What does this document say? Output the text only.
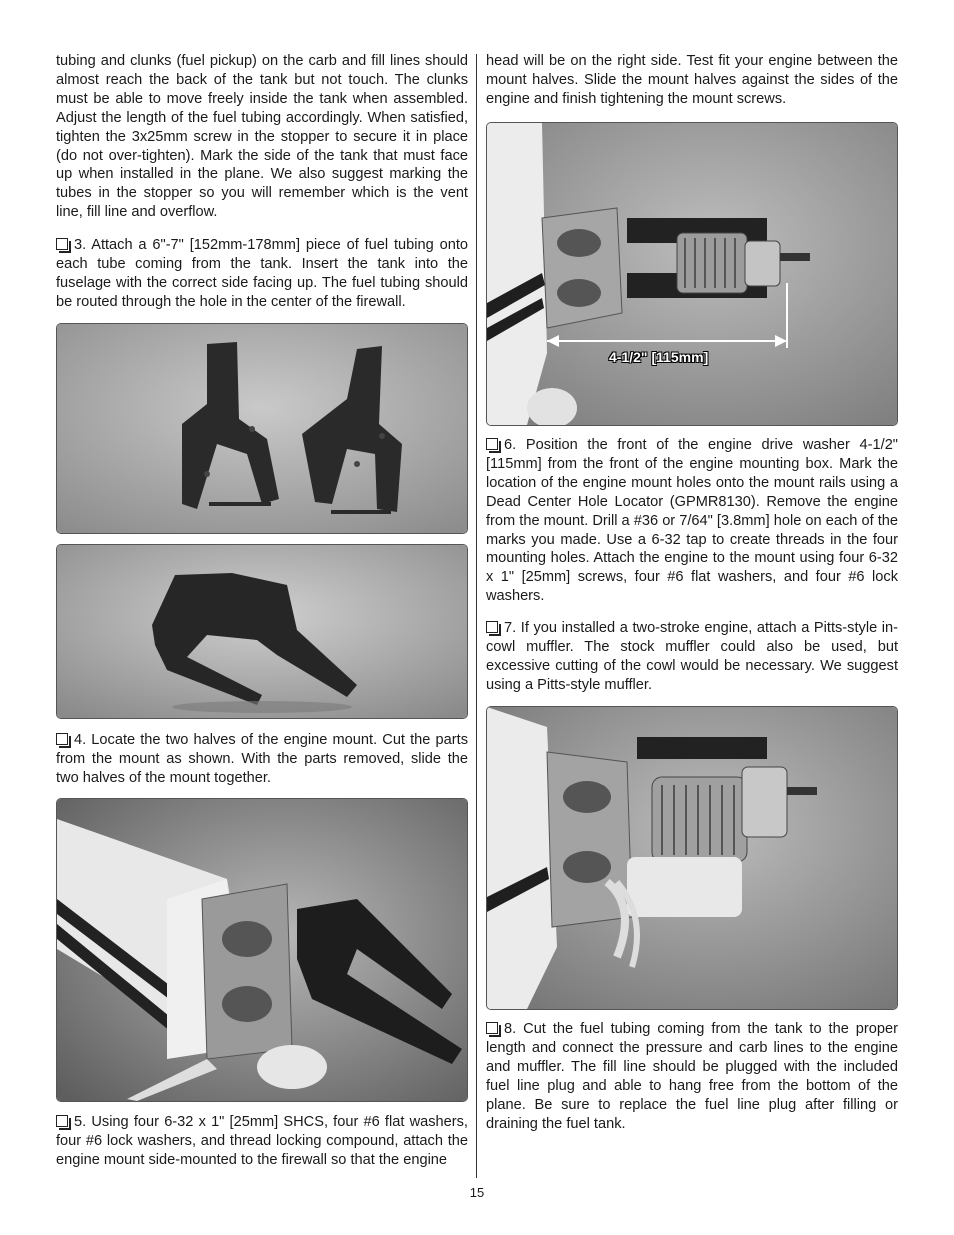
tubing and clunks (fuel pickup) on the carb and fill lines should almost reach the back of the tank but not touch. The clunks must be able to move freely inside the tank when assembled. Adjust the length of the fuel tubing accordingly. When satisfied, tighten the 3x25mm screw in the stopper to secure it in place (do not over-tighten). Mark the side of the tank that must face up when installed in the plane. We also suggest marking the tubes in the stopper so you will remember which is the vent line, fill line and overflow.

3. Attach a 6"-7" [152mm-178mm] piece of fuel tubing onto each tube coming from the tank. Insert the tank into the fuselage with the correct side facing up. The fuel tubing should be routed through the hole in the center of the firewall.

4. Locate the two halves of the engine mount. Cut the parts from the mount as shown. With the parts removed, slide the two halves of the mount together.

5. Using four 6-32 x 1" [25mm] SHCS, four #6 flat washers, four #6 lock washers, and thread locking compound, attach the engine mount side-mounted to the firewall so that the engine

head will be on the right side. Test fit your engine between the mount halves. Slide the mount halves against the sides of the engine and finish tightening the mount screws.

4-1/2" [115mm]

6. Position the front of the engine drive washer 4-1/2" [115mm] from the front of the engine mounting box. Mark the location of the engine mount holes onto the mount rails using a Dead Center Hole Locator (GPMR8130). Remove the engine from the mount. Drill a #36 or 7/64" [3.8mm] hole on each of the marks you made. Use a 6-32 tap to create threads in the four mounting holes. Attach the engine to the mount using four 6-32 x 1" [25mm] screws, four #6 flat washers, and four #6 lock washers.

7. If you installed a two-stroke engine, attach a Pitts-style in-cowl muffler. The stock muffler could also be used, but excessive cutting of the cowl would be necessary. We suggest using a Pitts-style muffler.

8. Cut the fuel tubing coming from the tank to the proper length and connect the pressure and carb lines to the engine and muffler. The fill line should be plugged with the included fuel line plug and able to hang free from the bottom of the plane. Be sure to replace the fuel line plug after filling or draining the fuel tank.

15
